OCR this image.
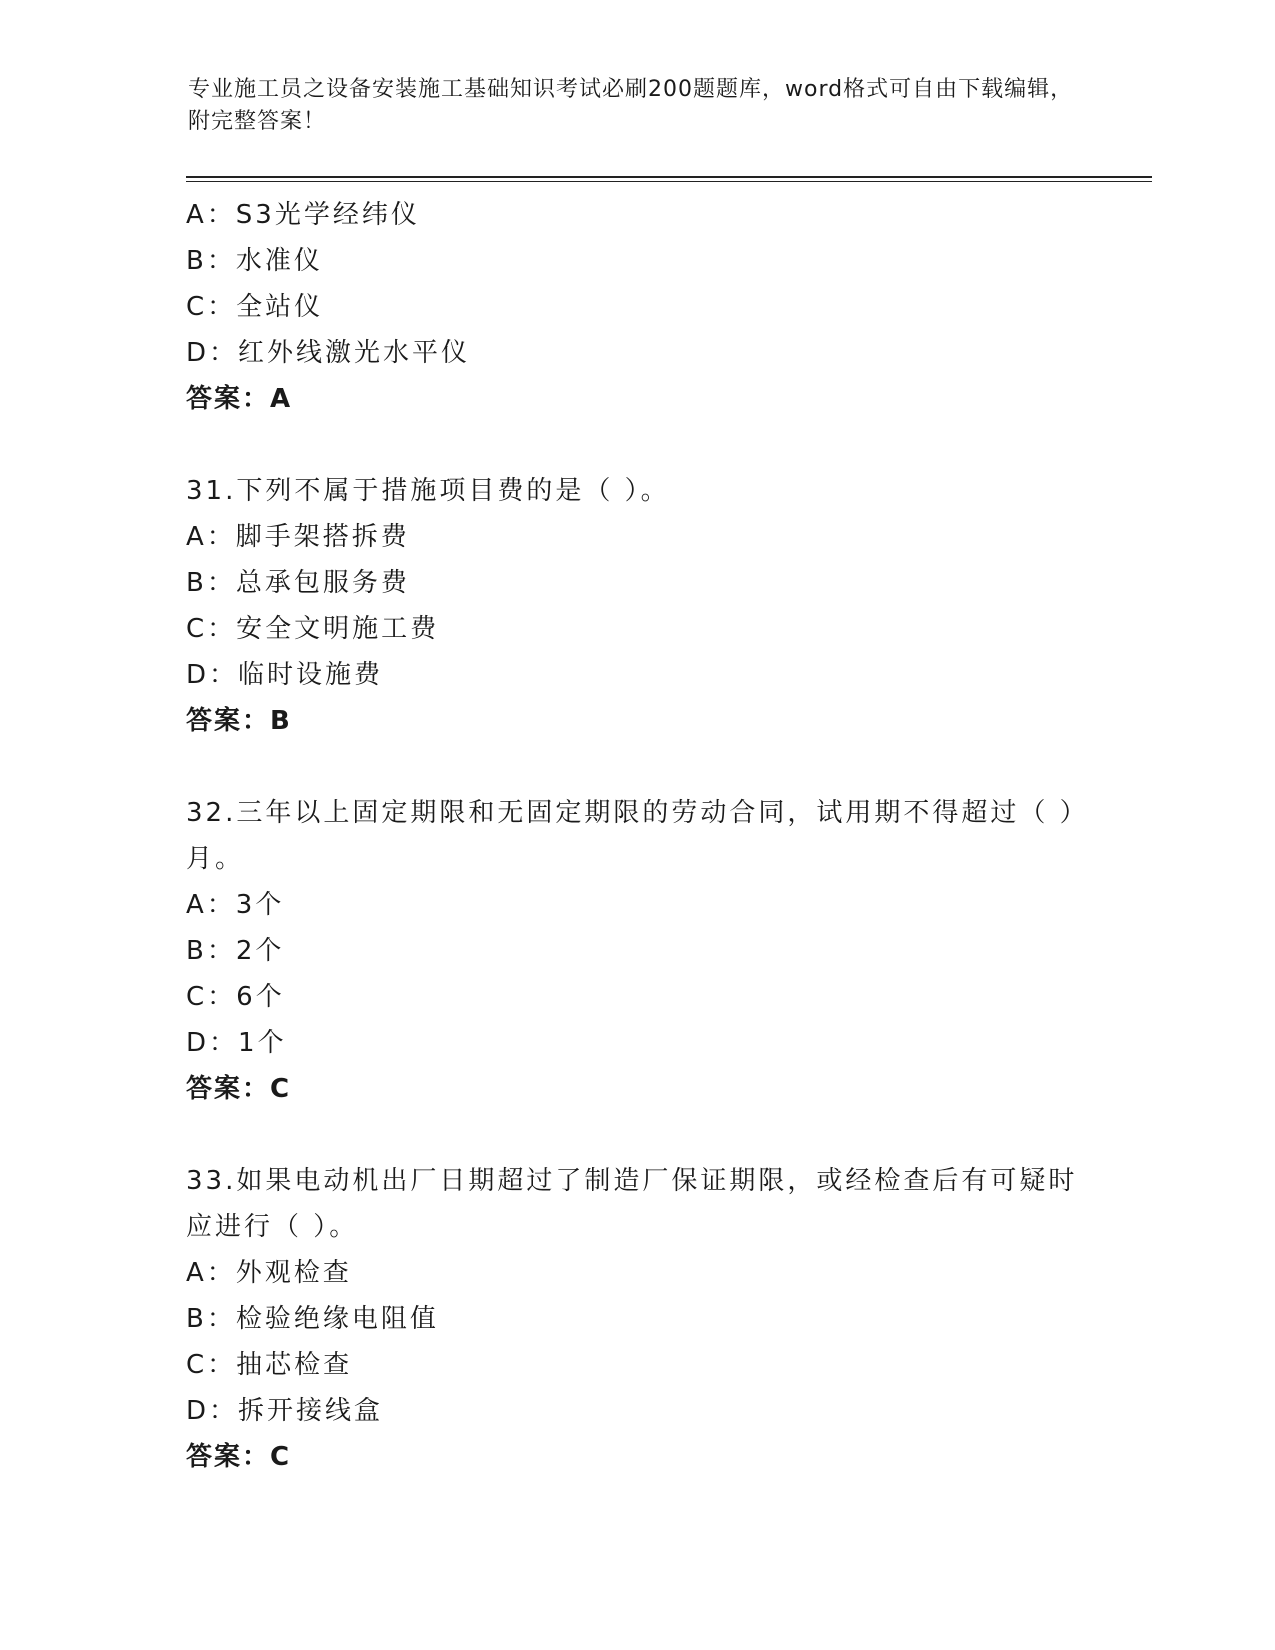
专业施工员之设备安装施工基础知识考试必刷200题题库，word格式可自由下载编辑，附完整答案！

A：S3光学经纬仪

B：水准仪

C：全站仪

D：红外线激光水平仪

答案：A

31.下列不属于措施项目费的是（ ）。

A：脚手架搭拆费

B：总承包服务费

C：安全文明施工费

D：临时设施费

答案：B

32.三年以上固定期限和无固定期限的劳动合同，试用期不得超过（ ）月。

A：3个

B：2个

C：6个

D：1个

答案：C

33.如果电动机出厂日期超过了制造厂保证期限，或经检查后有可疑时应进行（ ）。

A：外观检查

B：检验绝缘电阻值

C：抽芯检查

D：拆开接线盒

答案：C
